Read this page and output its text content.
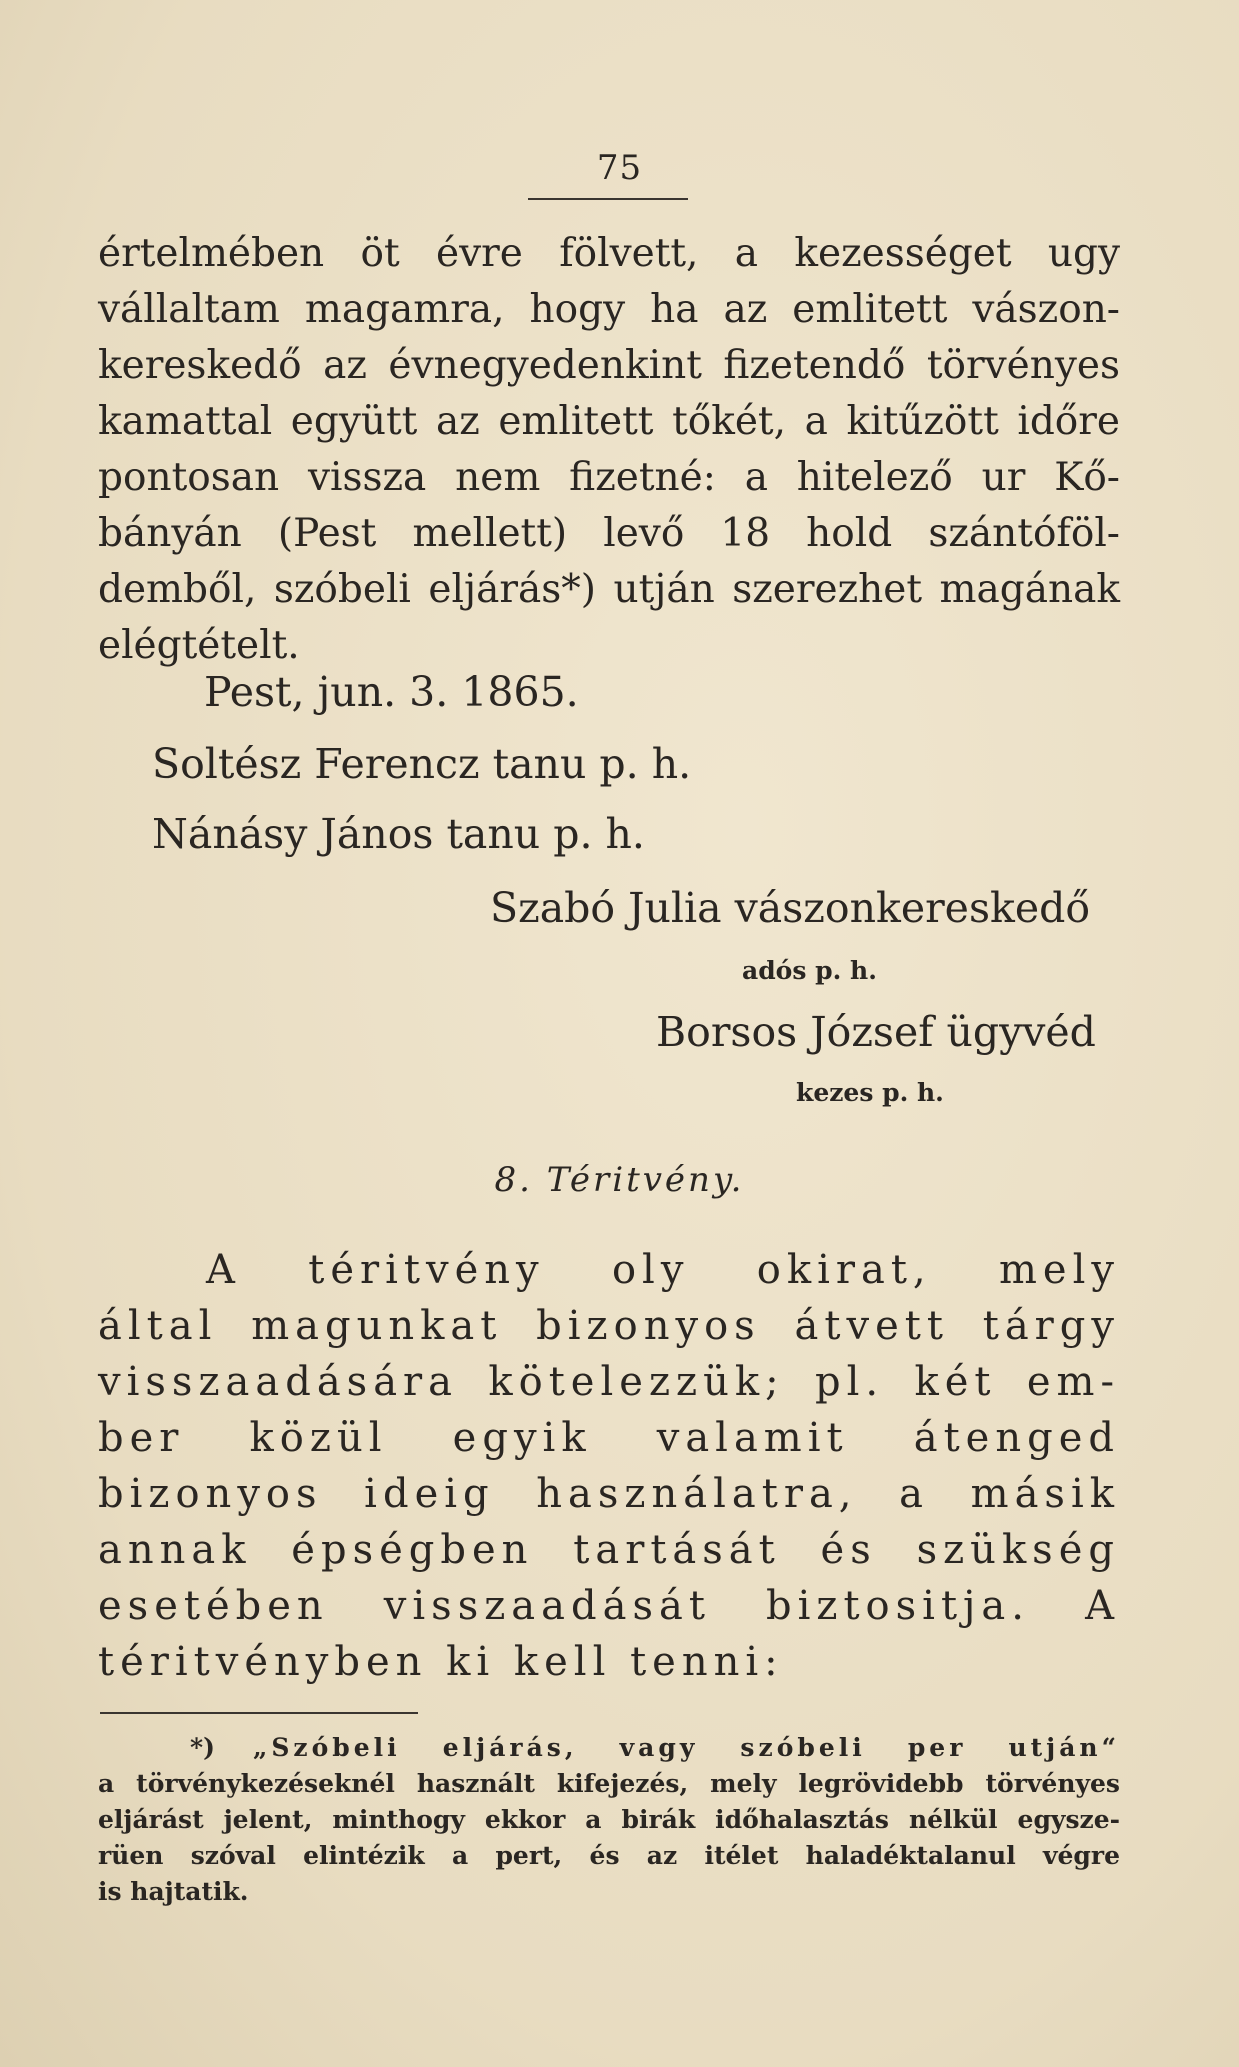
75
értelmében öt évre fölvett, a kezességet ugy
vállaltam magamra, hogy ha az emlitett vászon-
kereskedő az évnegyedenkint fizetendő törvényes
kamattal együtt az emlitett tőkét, a kitűzött időre
pontosan vissza nem fizetné: a hitelező ur Kő-
bányán (Pest mellett) levő 18 hold szántóföl-
demből, szóbeli eljárás*) utján szerezhet magának
elégtételt.
Pest, jun. 3. 1865.
Soltész Ferencz tanu p. h.
Nánásy János tanu p. h.
Szabó Julia vászonkereskedő
adós p. h.
Borsos József ügyvéd
kezes p. h.
8. Téritvény.
A téritvény oly okirat, mely
által magunkat bizonyos átvett tárgy
visszaadására kötelezzük; pl. két em-
ber közül egyik valamit átenged
bizonyos ideig használatra, a másik
annak épségben tartását és szükség
esetében visszaadását biztositja. A
téritvényben ki kell tenni:
*) „Szóbeli eljárás, vagy szóbeli per utján“
a törvénykezéseknél használt kifejezés, mely legrövidebb törvényes
eljárást jelent, minthogy ekkor a birák időhalasztás nélkül egysze-
rüen szóval elintézik a pert, és az itélet haladéktalanul végre
is hajtatik.
